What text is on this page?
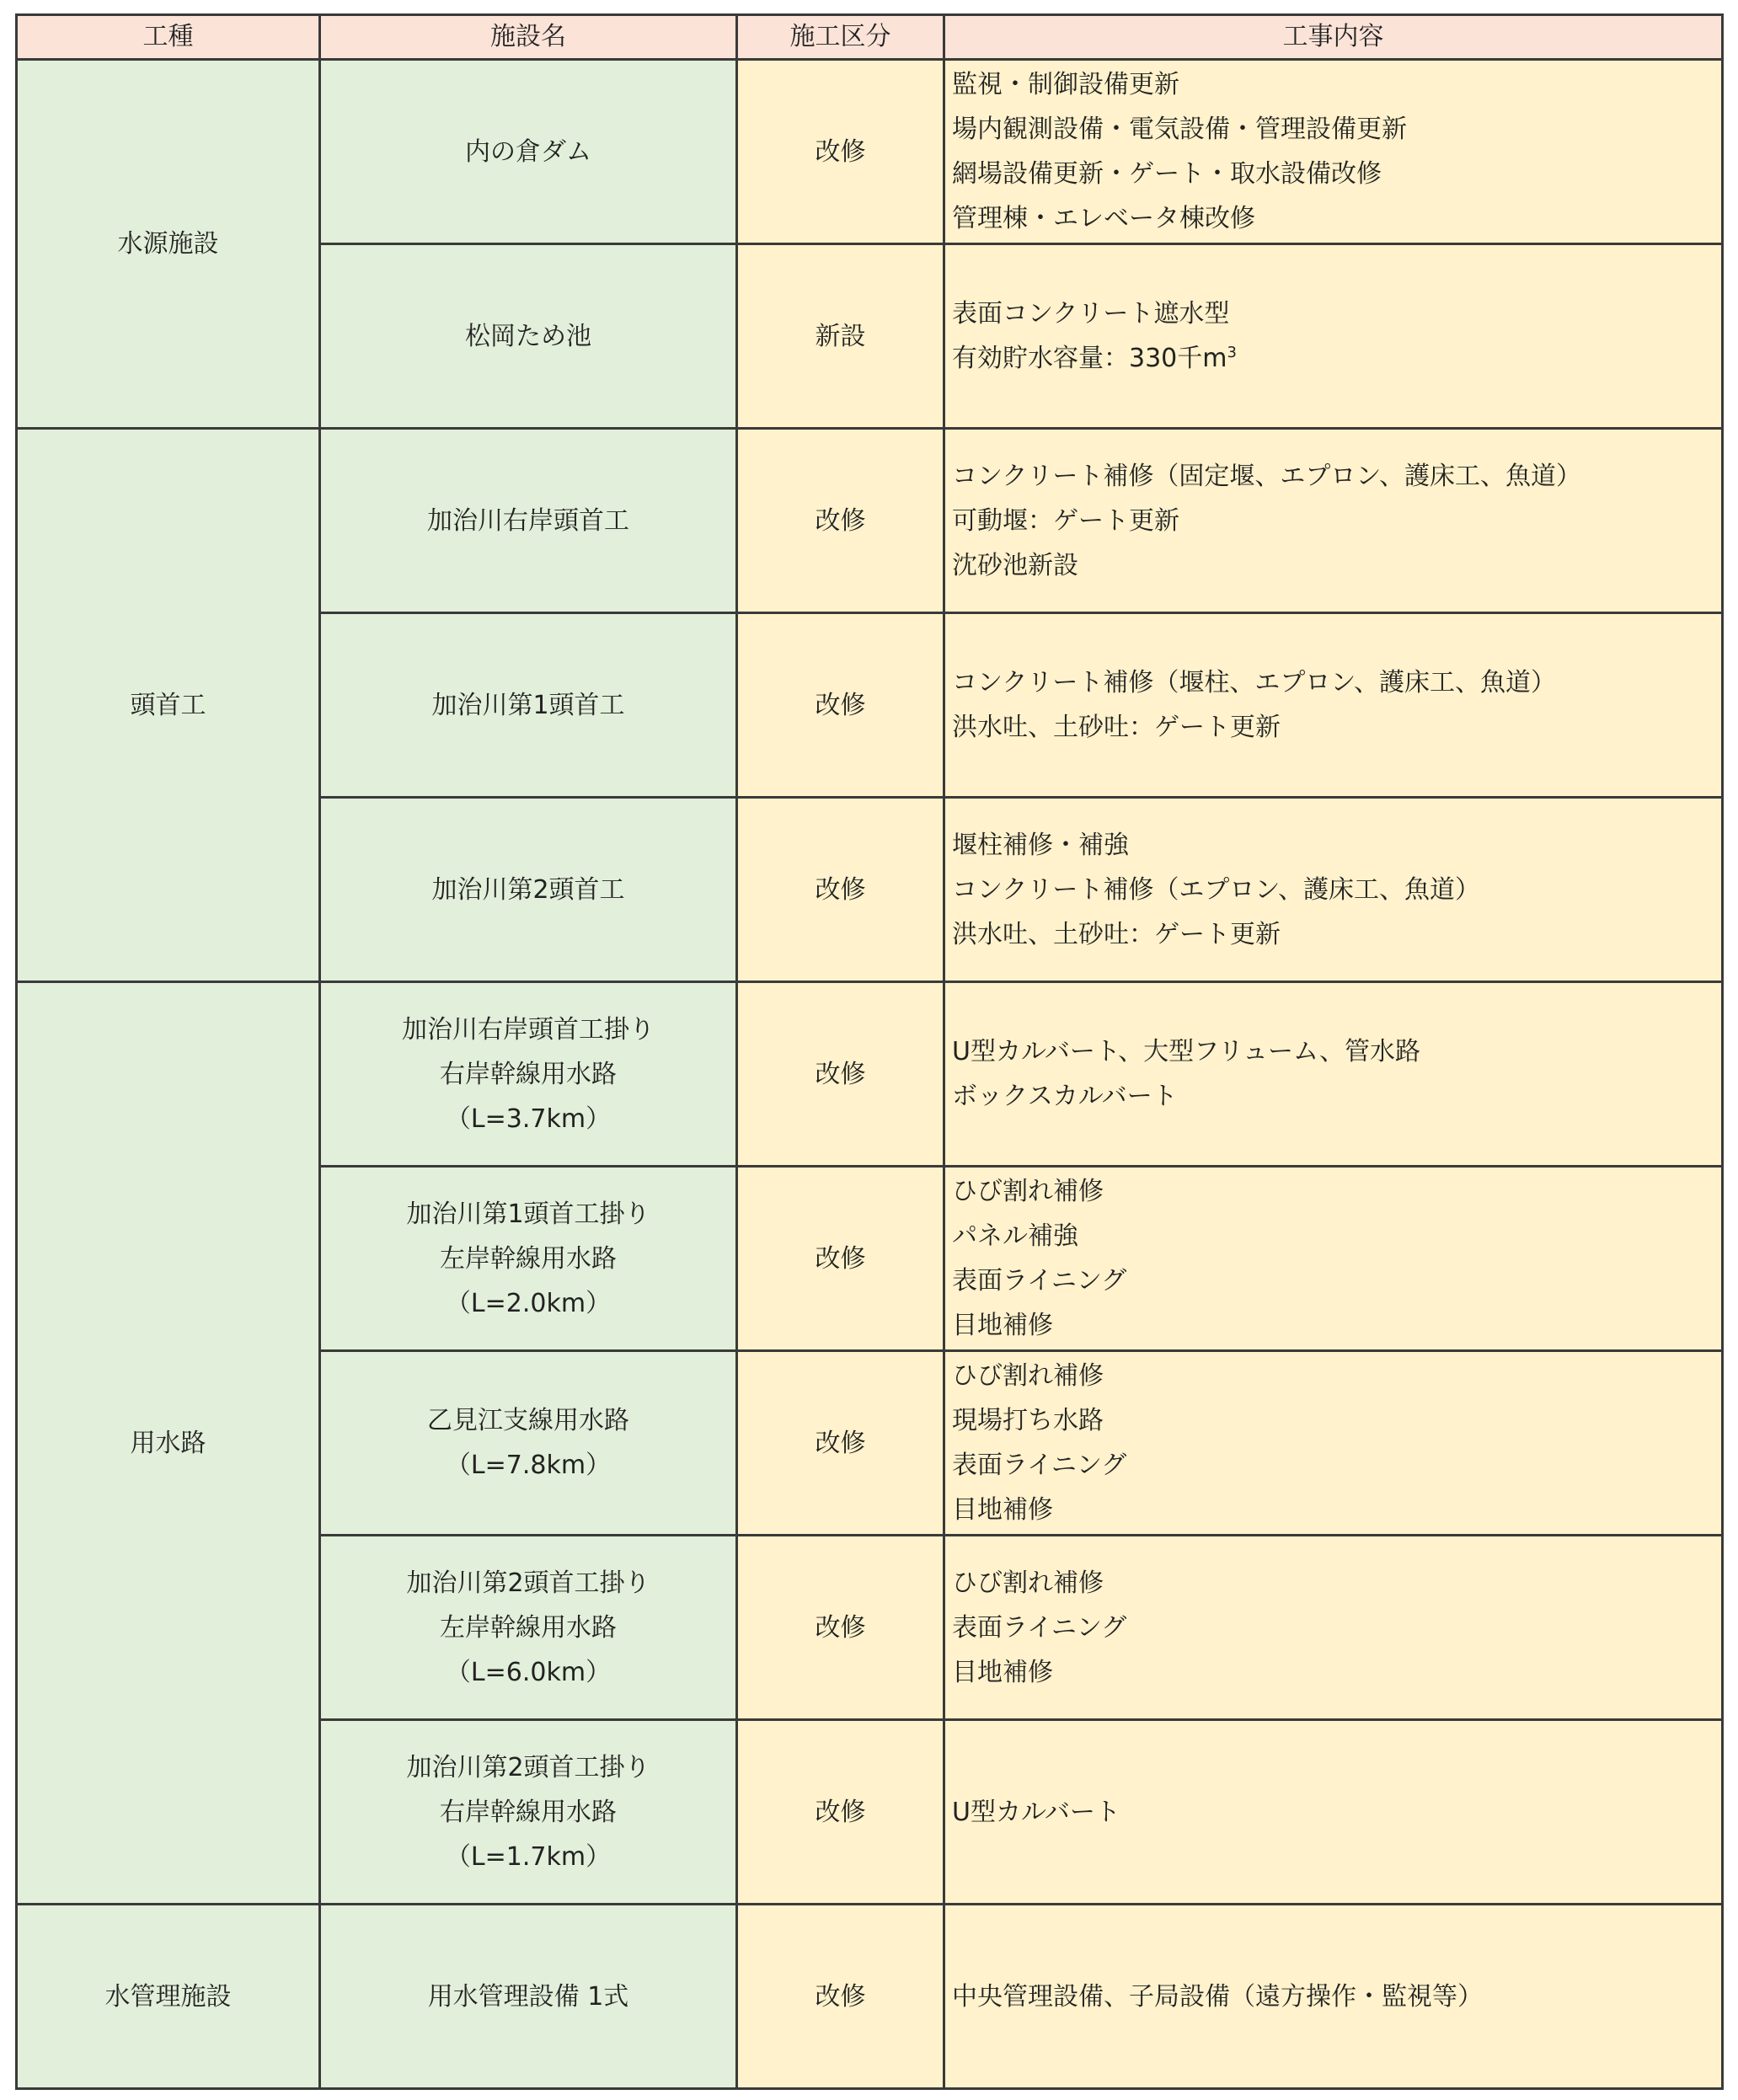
工種	施設名	施工区分	工事内容
水源施設	内の倉ダム	改修	監視・制御設備更新
場内観測設備・電気設備・管理設備更新
網場設備更新・ゲート・取水設備改修
管理棟・エレベータ棟改修

	松岡ため池	新設	表面コンクリート遮水型
有効貯水容量：330千$m^3$

頭首工	加治川右岸頭首工	改修	コンクリート補修（固定堰、エプロン、護床工、魚道）
可動堰：ゲート更新
沈砂池新設

	加治川第1頭首工	改修	コンクリート補修（堰柱、エプロン、護床工、魚道）
洪水吐、土砂吐：ゲート更新

	加治川第2頭首工	改修	堰柱補修・補強
コンクリート補修（エプロン、護床工、魚道）
洪水吐、土砂吐：ゲート更新

用水路	加治川右岸頭首工掛り
右岸幹線用水路
（L=3.7km）	改修	U型カルバート、大型フリューム、管水路
ボックスカルバート

	加治川第1頭首工掛り
左岸幹線用水路
（L=2.0km）	改修	ひび割れ補修
パネル補強
表面ライニング
目地補修

	乙見江支線用水路
（L=7.8km）	改修	ひび割れ補修
現場打ち水路
表面ライニング
目地補修

	加治川第2頭首工掛り
左岸幹線用水路
（L=6.0km）	改修	ひび割れ補修
表面ライニング
目地補修

	加治川第2頭首工掛り
右岸幹線用水路
（L=1.7km）	改修	U型カルバート

水管理施設	用水管理設備 1式	改修	中央管理設備、子局設備（遠方操作・監視等）
